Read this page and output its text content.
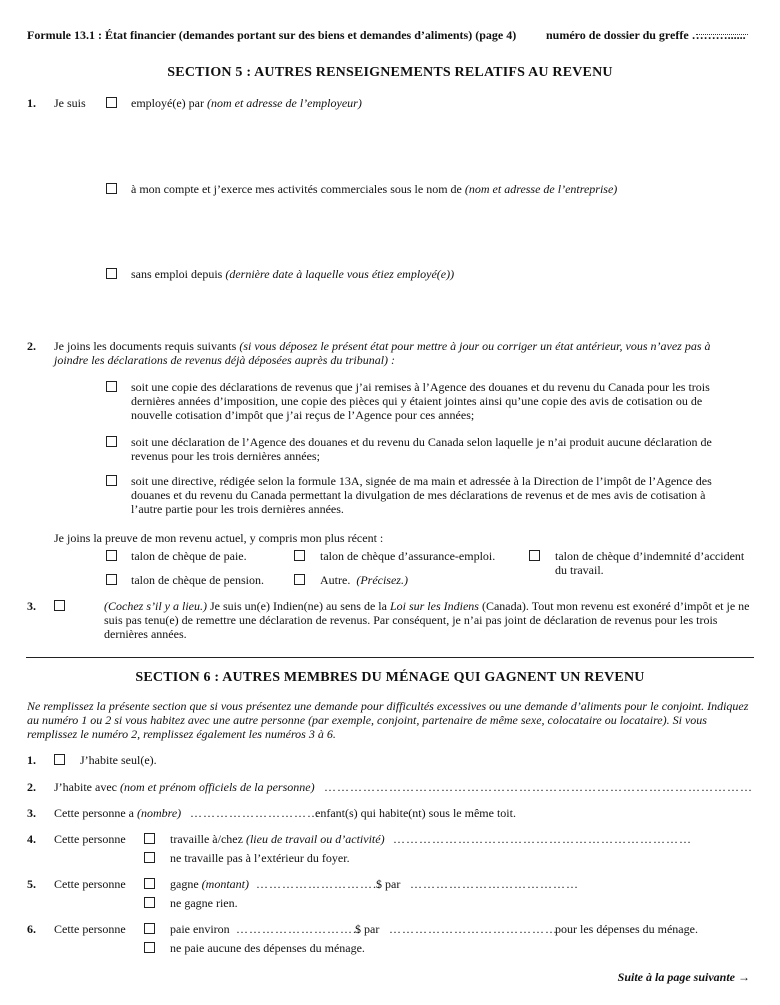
Formule 13.1 : État financier (demandes portant sur des biens et demandes d’aliments) (page 4) numéro de dossier du greffe ………......
SECTION 5 : AUTRES RENSEIGNEMENTS RELATIFS AU REVENU
1. Je suis	employé(e) par (nom et adresse de l’employeur)
à mon compte et j’exerce mes activités commerciales sous le nom de (nom et adresse de l’entreprise)
sans emploi depuis (dernière date à laquelle vous étiez employé(e))
2. Je joins les documents requis suivants (si vous déposez le présent état pour mettre à jour ou corriger un état antérieur, vous n’avez pas à
joindre les déclarations de revenus déjà déposées auprès du tribunal) :
soit une copie des déclarations de revenus que j’ai remises à l’Agence des douanes et du revenu du Canada pour les trois dernières années d’imposition, une copie des pièces qui y étaient jointes ainsi qu’une copie des avis de cotisation ou de nouvelle cotisation d’impôt que j’ai reçus de l’Agence pour ces années;
soit une déclaration de l’Agence des douanes et du revenu du Canada selon laquelle je n’ai produit aucune déclaration de revenus pour les trois dernières années;
soit une directive, rédigée selon la formule 13A, signée de ma main et adressée à la Direction de l’impôt de l’Agence des douanes et du revenu du Canada permettant la divulgation de mes déclarations de revenus et de mes avis de cotisation à l’autre partie pour les trois dernières années.
Je joins la preuve de mon revenu actuel, y compris mon plus récent :
talon de chèque de paie.	talon de chèque d’assurance-emploi.	talon de chèque d’indemnité d’accident du travail.
talon de chèque de pension.	Autre. (Précisez.)
3.	(Cochez s’il y a lieu.) Je suis un(e) Indien(ne) au sens de la Loi sur les Indiens (Canada). Tout mon revenu est exonéré d’impôt et je ne suis pas tenu(e) de remettre une déclaration de revenus. Par conséquent, je n’ai pas joint de déclaration de revenus pour les trois dernières années.
SECTION 6 : AUTRES MEMBRES DU MÉNAGE QUI GAGNENT UN REVENU
Ne remplissez la présente section que si vous présentez une demande pour difficultés excessives ou une demande d’aliments pour le conjoint. Indiquez au numéro 1 ou 2 si vous habitez avec une autre personne (par exemple, conjoint, partenaire de même sexe, colocataire ou locataire). Si vous remplissez le numéro 2, remplissez également les numéros 3 à 6.
1.	J’habite seul(e).
2. J’habite avec (nom et prénom officiels de la personne) ………………………………………………………………………………………
3. Cette personne a (nombre) …………………………
enfant(s) qui habite(nt) sous le même toit.
4. Cette personne	travaille à/chez (lieu de travail ou d’activité) ……………………………………………………………
ne travaille pas à l’extérieur du foyer.
5. Cette personne	gagne (montant) ………………………..
$ par …………………………………
ne gagne rien.
6. Cette personne	paie environ ………………………..
$ par …………………………………
pour les dépenses du ménage.
ne paie aucune des dépenses du ménage.
Suite à la page suivante →
